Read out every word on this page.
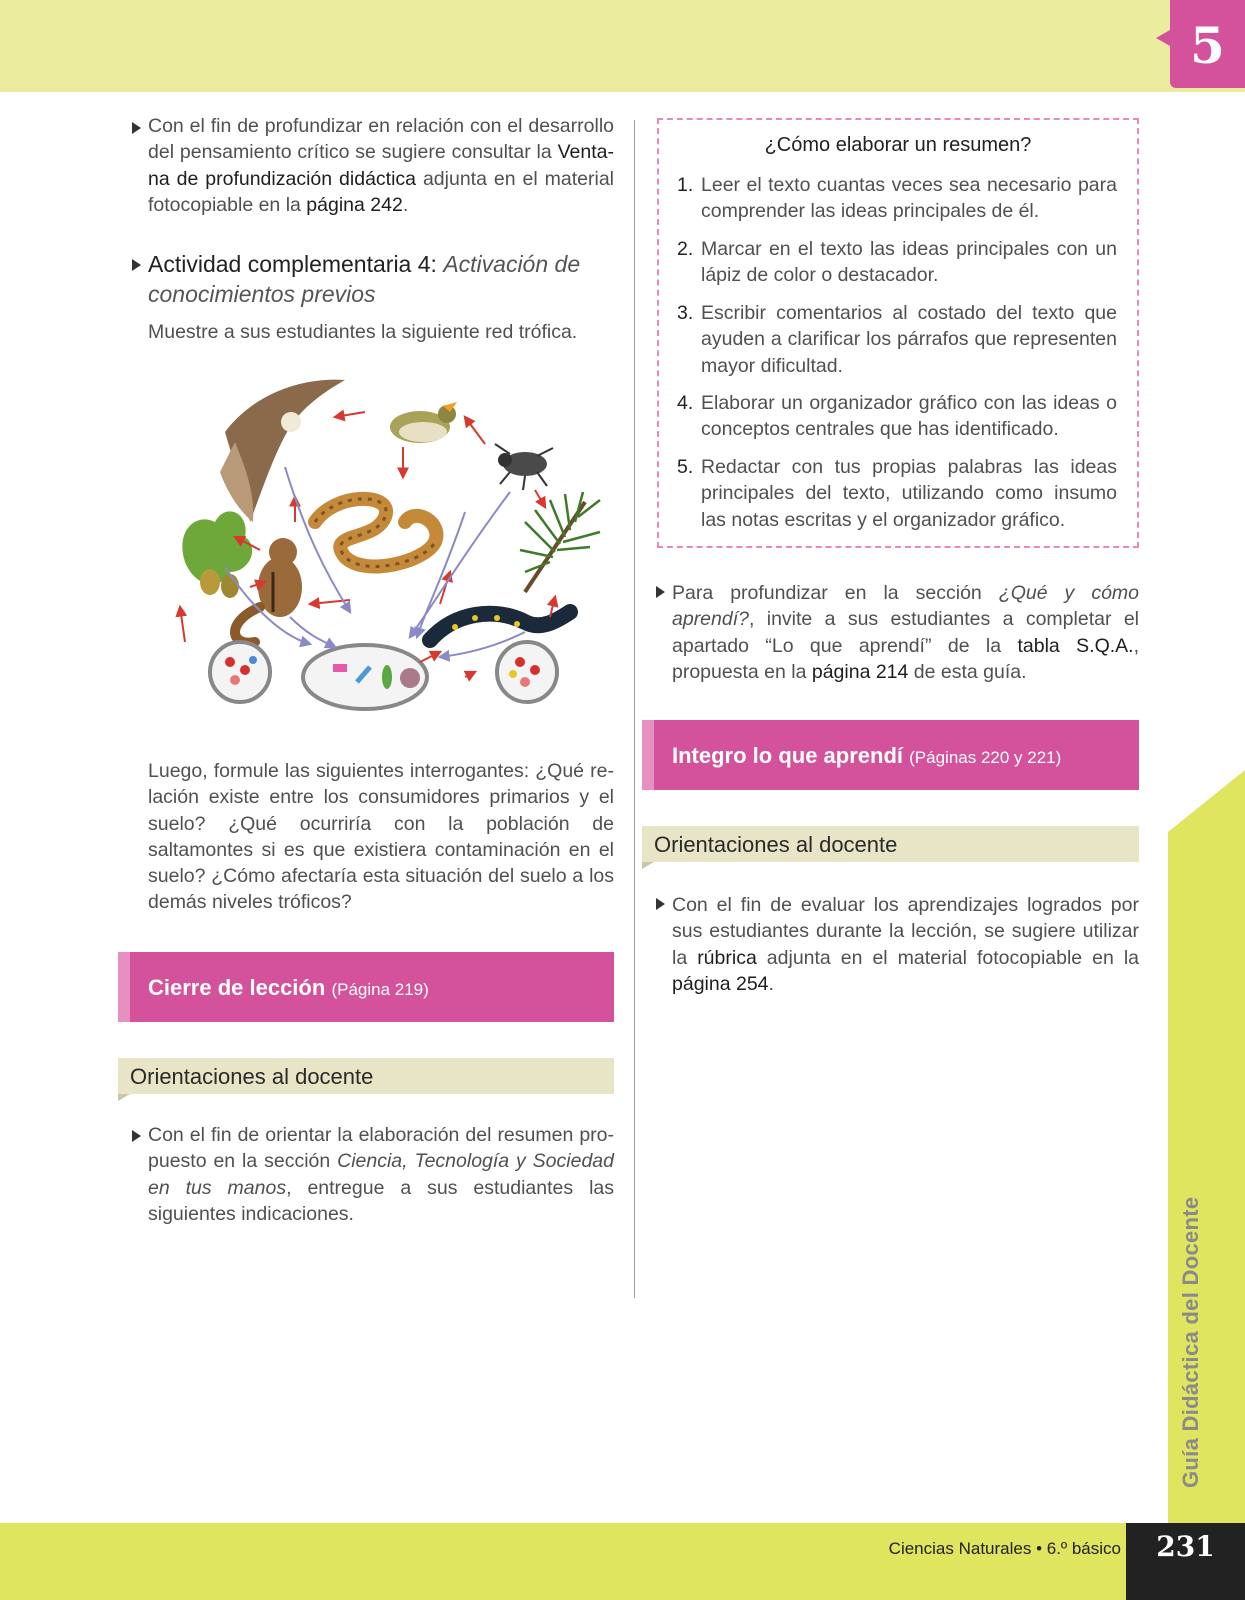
5
Guía Didáctica del Docente
Con el fin de profundizar en relación con el desarrollo del pensamiento crítico se sugiere consultar la Ventana de profundización didáctica adjunta en el material fotocopiable en la página 242.
Actividad complementaria 4: Activación de conocimientos previos
Muestre a sus estudiantes la siguiente red trófica.
Luego, formule las siguientes interrogantes: ¿Qué relación existe entre los consumidores primarios y el suelo? ¿Qué ocurriría con la población de saltamontes si es que existiera contaminación en el suelo? ¿Cómo afectaría esta situación del suelo a los demás niveles tróficos?
Cierre de lección (Página 219)
Orientaciones al docente
Con el fin de orientar la elaboración del resumen propuesto en la sección Ciencia, Tecnología y Sociedad en tus manos, entregue a sus estudiantes las siguientes indicaciones.
¿Cómo elaborar un resumen?
1. Leer el texto cuantas veces sea necesario para comprender las ideas principales de él.
2. Marcar en el texto las ideas principales con un lápiz de color o destacador.
3. Escribir comentarios al costado del texto que ayuden a clarificar los párrafos que representen mayor dificultad.
4. Elaborar un organizador gráfico con las ideas o conceptos centrales que has identificado.
5. Redactar con tus propias palabras las ideas principales del texto, utilizando como insumo las notas escritas y el organizador gráfico.
Para profundizar en la sección ¿Qué y cómo aprendí?, invite a sus estudiantes a completar el apartado “Lo que aprendí” de la tabla S.Q.A., propuesta en la página 214 de esta guía.
Integro lo que aprendí (Páginas 220 y 221)
Orientaciones al docente
Con el fin de evaluar los aprendizajes logrados por sus estudiantes durante la lección, se sugiere utilizar la rúbrica adjunta en el material fotocopiable en la página 254.
Ciencias Naturales • 6.º básico	231
